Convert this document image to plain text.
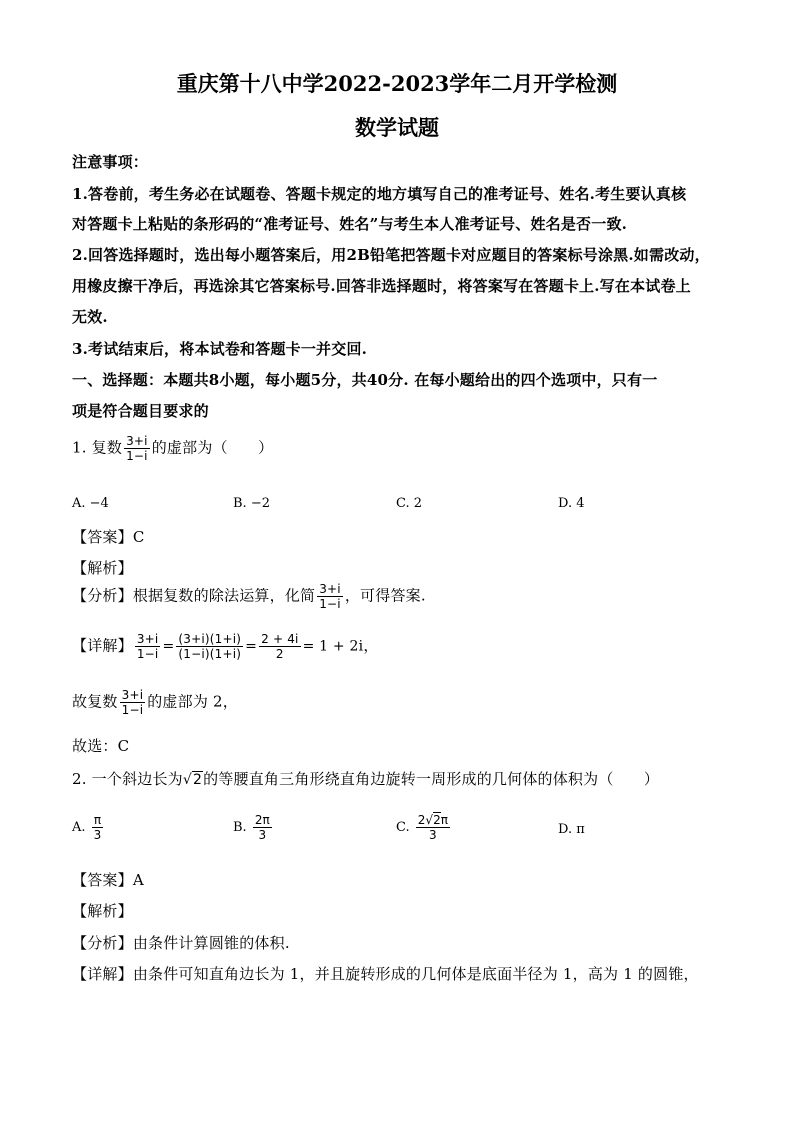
重庆第十八中学2022-2023学年二月开学检测
数学试题
注意事项：
1.答卷前，考生务必在试题卷、答题卡规定的地方填写自己的准考证号、姓名.考生要认真核
对答题卡上粘贴的条形码的“准考证号、姓名”与考生本人准考证号、姓名是否一致.
2.回答选择题时，选出每小题答案后，用2B铅笔把答题卡对应题目的答案标号涂黑.如需改动，
用橡皮擦干净后，再选涂其它答案标号.回答非选择题时，将答案写在答题卡上.写在本试卷上
无效.
3.考试结束后，将本试卷和答题卡一并交回.
一、选择题：本题共8小题，每小题5分，共40分. 在每小题给出的四个选项中，只有一
项是符合题目要求的
1. 复数 $\frac{3+i}{1-i}$ 的虚部为（　　）
A. −4	B. −2	C. 2	D. 4
【答案】C
【解析】
【分析】根据复数的除法运算，化简 $\frac{3+i}{1-i}$ ，可得答案.
【详解】 $\frac{3+i}{1-i} = \frac{(3+i)(1+i)}{(1-i)(1+i)} = \frac{2 + 4i}{2} = 1 + 2i$，
故复数 $\frac{3+i}{1-i}$ 的虚部为 2，
故选：C
2. 一个斜边长为√2的等腰直角三角形绕直角边旋转一周形成的几何体的体积为（　　）
A. $\frac{\pi}{3}$	B. $\frac{2\pi}{3}$	C. $\frac{2√2\pi}{3}$	D. π
【答案】A
【解析】
【分析】由条件计算圆锥的体积.
【详解】由条件可知直角边长为 1，并且旋转形成的几何体是底面半径为 1，高为 1 的圆锥，
